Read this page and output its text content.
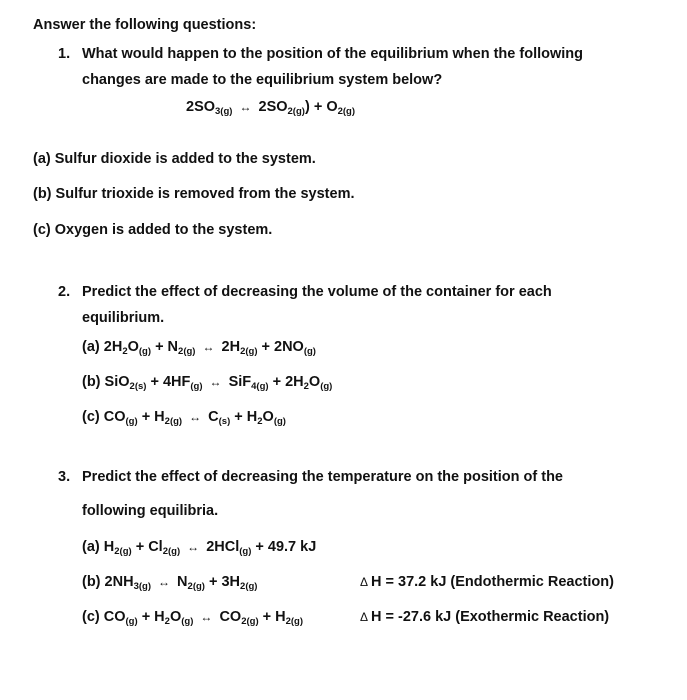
Answer the following questions:
1. What would happen to the position of the equilibrium when the following
changes are made to the equilibrium system below?
$2SO_{3(g)}$ ↔ $2SO_{2(g)}) + O_{2(g)}$
(a) Sulfur dioxide is added to the system.
(b) Sulfur trioxide is removed from the system.
(c) Oxygen is added to the system.
2. Predict the effect of decreasing the volume of the container for each
equilibrium.
(a) $2H_2O_{(g)} + N_{2(g)}$ ↔ $2H_{2(g)} + 2NO_{(g)}$
(b) $SiO_{2(s)} + 4HF_{(g)}$ ↔ $SiF_{4(g)} + 2H_2O_{(g)}$
(c) $CO_{(g)} + H_{2(g)}$ ↔ $C_{(s)} + H_2O_{(g)}$
3. Predict the effect of decreasing the temperature on the position of the
following equilibria.
(a) $H_{2(g)} + Cl_{2(g)}$ ↔ 2HCl$_{(g)}$ + 49.7 kJ
(b) $2NH_{3(g)}$ ↔ $N_{2(g)} + 3H_{2(g)}$	Δ H = 37.2 kJ (Endothermic Reaction)
(c) $CO_{(g)} + H_2O_{(g)}$ ↔ $CO_{2(g)} + H_{2(g)}$	Δ H = -27.6 kJ (Exothermic Reaction)
